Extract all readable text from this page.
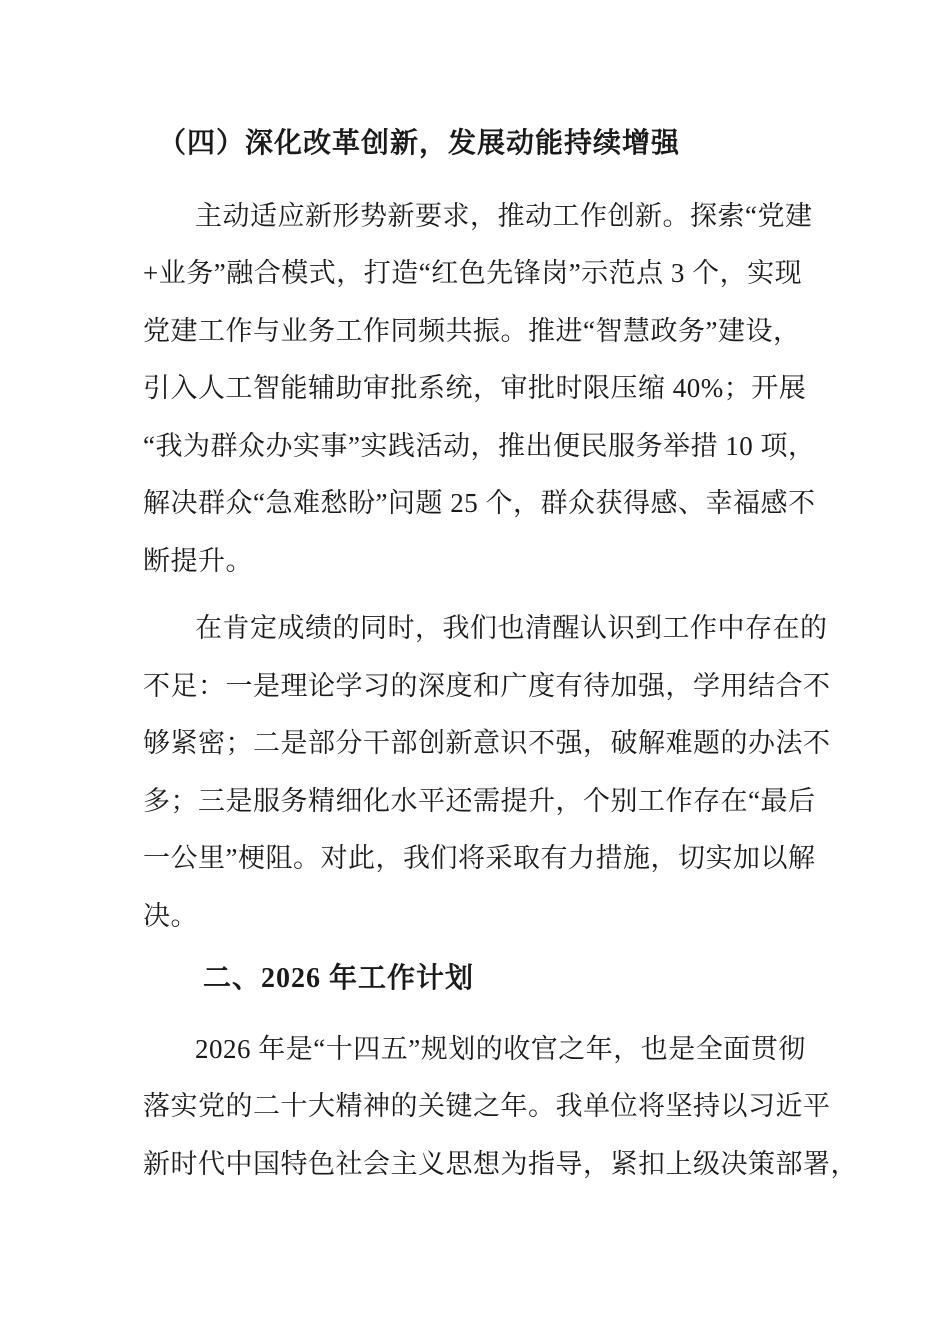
（四）深化改革创新，发展动能持续增强
主动适应新形势新要求，推动工作创新。探索“党建
+业务”融合模式，打造“红色先锋岗”示范点 3 个，实现
党建工作与业务工作同频共振。推进“智慧政务”建设，
引入人工智能辅助审批系统，审批时限压缩 40%；开展
“我为群众办实事”实践活动，推出便民服务举措 10 项，
解决群众“急难愁盼”问题 25 个，群众获得感、幸福感不
断提升。
在肯定成绩的同时，我们也清醒认识到工作中存在的
不足：一是理论学习的深度和广度有待加强，学用结合不
够紧密；二是部分干部创新意识不强，破解难题的办法不
多；三是服务精细化水平还需提升，个别工作存在“最后
一公里”梗阻。对此，我们将采取有力措施，切实加以解
决。
二、2026 年工作计划
2026 年是“十四五”规划的收官之年，也是全面贯彻
落实党的二十大精神的关键之年。我单位将坚持以习近平
新时代中国特色社会主义思想为指导，紧扣上级决策部署，
